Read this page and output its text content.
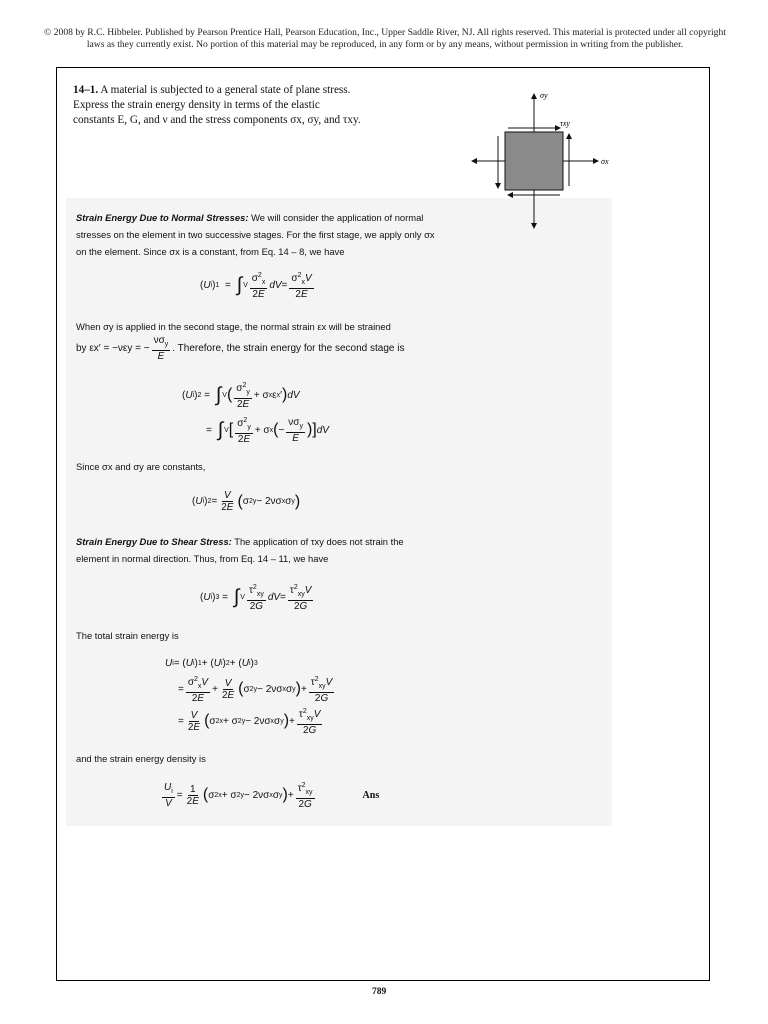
© 2008 by R.C. Hibbeler. Published by Pearson Prentice Hall, Pearson Education, Inc., Upper Saddle River, NJ. All rights reserved. This material is protected under all copyright laws as they currently exist. No portion of this material may be reproduced, in any form or by any means, without permission in writing from the publisher.
14–1. A material is subjected to a general state of plane stress. Express the strain energy density in terms of the elastic constants E, G, and ν and the stress components σx, σy, and τxy.
σy
τxy
σx
Strain Energy Due to Normal Stresses: We will consider the application of normal stresses on the element in two successive stages. For the first stage, we apply only σx on the element. Since σx is a constant, from Eq. 14 – 8, we have
( U i ) 1 = ∫ V $\frac{\sigma^2_x}{2E}$ dV = $\frac{\sigma^2_xV}{2E}$
When σy is applied in the second stage, the normal strain εx will be strained
by εx′ = −νεy = − $\frac{\nu\sigma_y}{E}$ . Therefore, the strain energy for the second stage is
( U i ) 2 = ∫ V ( $\frac{\sigma^2_y}{2E} + \sigma$ x ε x ′ ) dV
= ∫ V [ $\frac{\sigma^2_y}{2E} + \sigma$ x ( − $\frac{\nu\sigma_y}{E}$ ) ] dV
Since σx and σy are constants,
( U i ) $2 = \frac{V}{2E}$ ( σ 2 y − 2νσ x σ y )
Strain Energy Due to Shear Stress: The application of τxy does not strain the element in normal direction. Thus, from Eq. 14 – 11, we have
( U i ) 3 = ∫ V $\frac{\tau^2_{xy}}{2G}$ dV = $\frac{\tau^2_{xy}V}{2G}$
The total strain energy is
U i = ( U i ) 1 + ( U i ) 2 + ( U i ) 3
= $\frac{\sigma^2_xV}{2E} + \frac{V}{2E}$ ( σ 2 y − 2νσ x σ y ) + $\frac{\tau^2_{xy}V}{2G}$
= $\frac{V}{2E}$ ( σ 2 x + σ 2 y − 2νσ x σ y ) + $\frac{\tau^2_{xy}V}{2G}$
and the strain energy density is
$\frac{U_i}{V} = \frac{1}{2E}$ ( σ 2 x + σ 2 y − 2νσ x σ y ) + $\frac{\tau^2_{xy}}{2G}$	Ans
789
